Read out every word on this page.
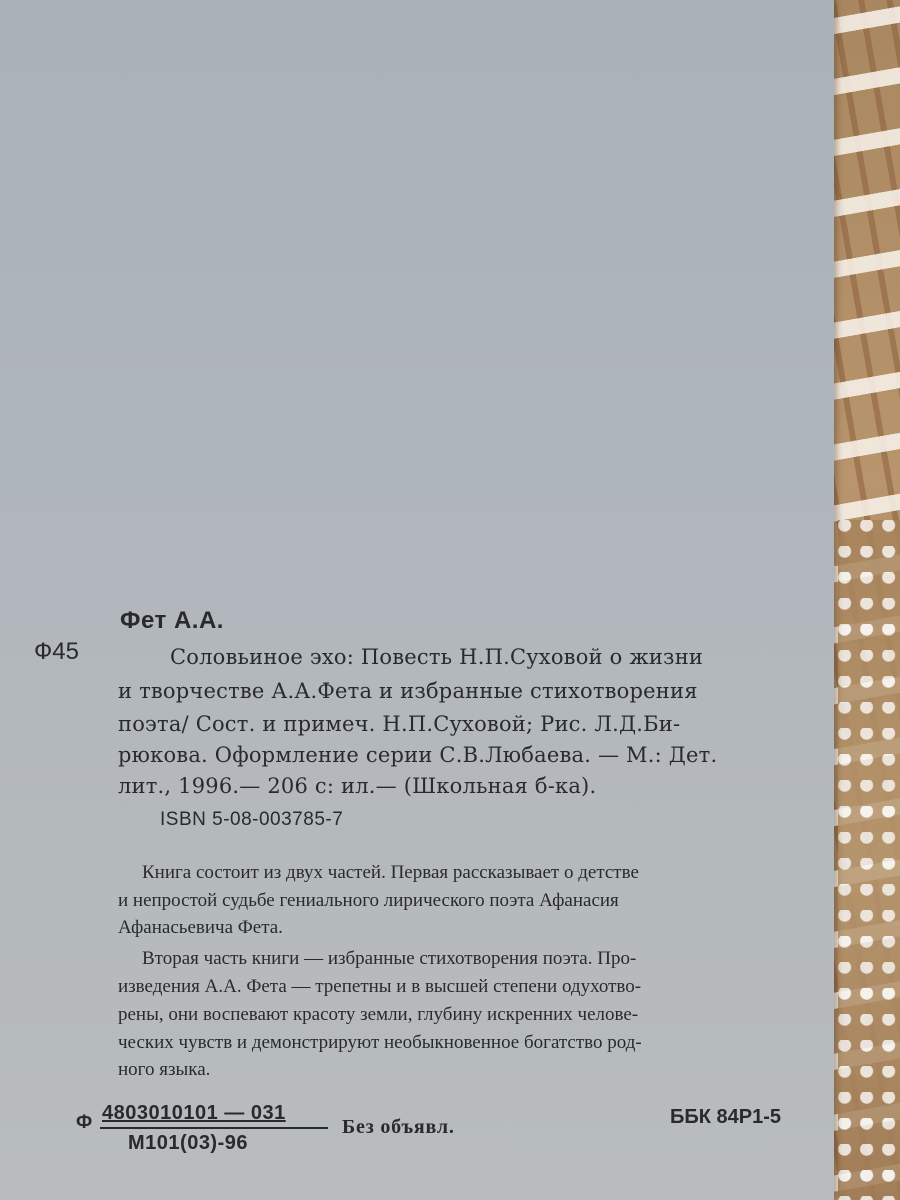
Фет А.А.
Ф45	Соловьиное эхо: Повесть Н.П.Суховой о жизни
и творчестве А.А.Фета и избранные стихотворения
поэта/ Сост. и примеч. Н.П.Суховой; Рис. Л.Д.Би-
рюкова. Оформление серии С.В.Любаева. — М.: Дет.
лит., 1996.— 206 с: ил.— (Школьная б-ка).
ISBN 5-08-003785-7
Книга состоит из двух частей. Первая рассказывает о детстве
и непростой судьбе гениального лирического поэта Афанасия
Афанасьевича Фета.
Вторая часть книги — избранные стихотворения поэта. Про-
изведения А.А. Фета — трепетны и в высшей степени одухотво-
рены, они воспевают красоту земли, глубину искренних челове-
ческих чувств и демонстрируют необыкновенное богатство род-
ного языка.
Ф 4803010101 — 031
М101(03)-96
Без объявл.	ББК 84Р1-5
